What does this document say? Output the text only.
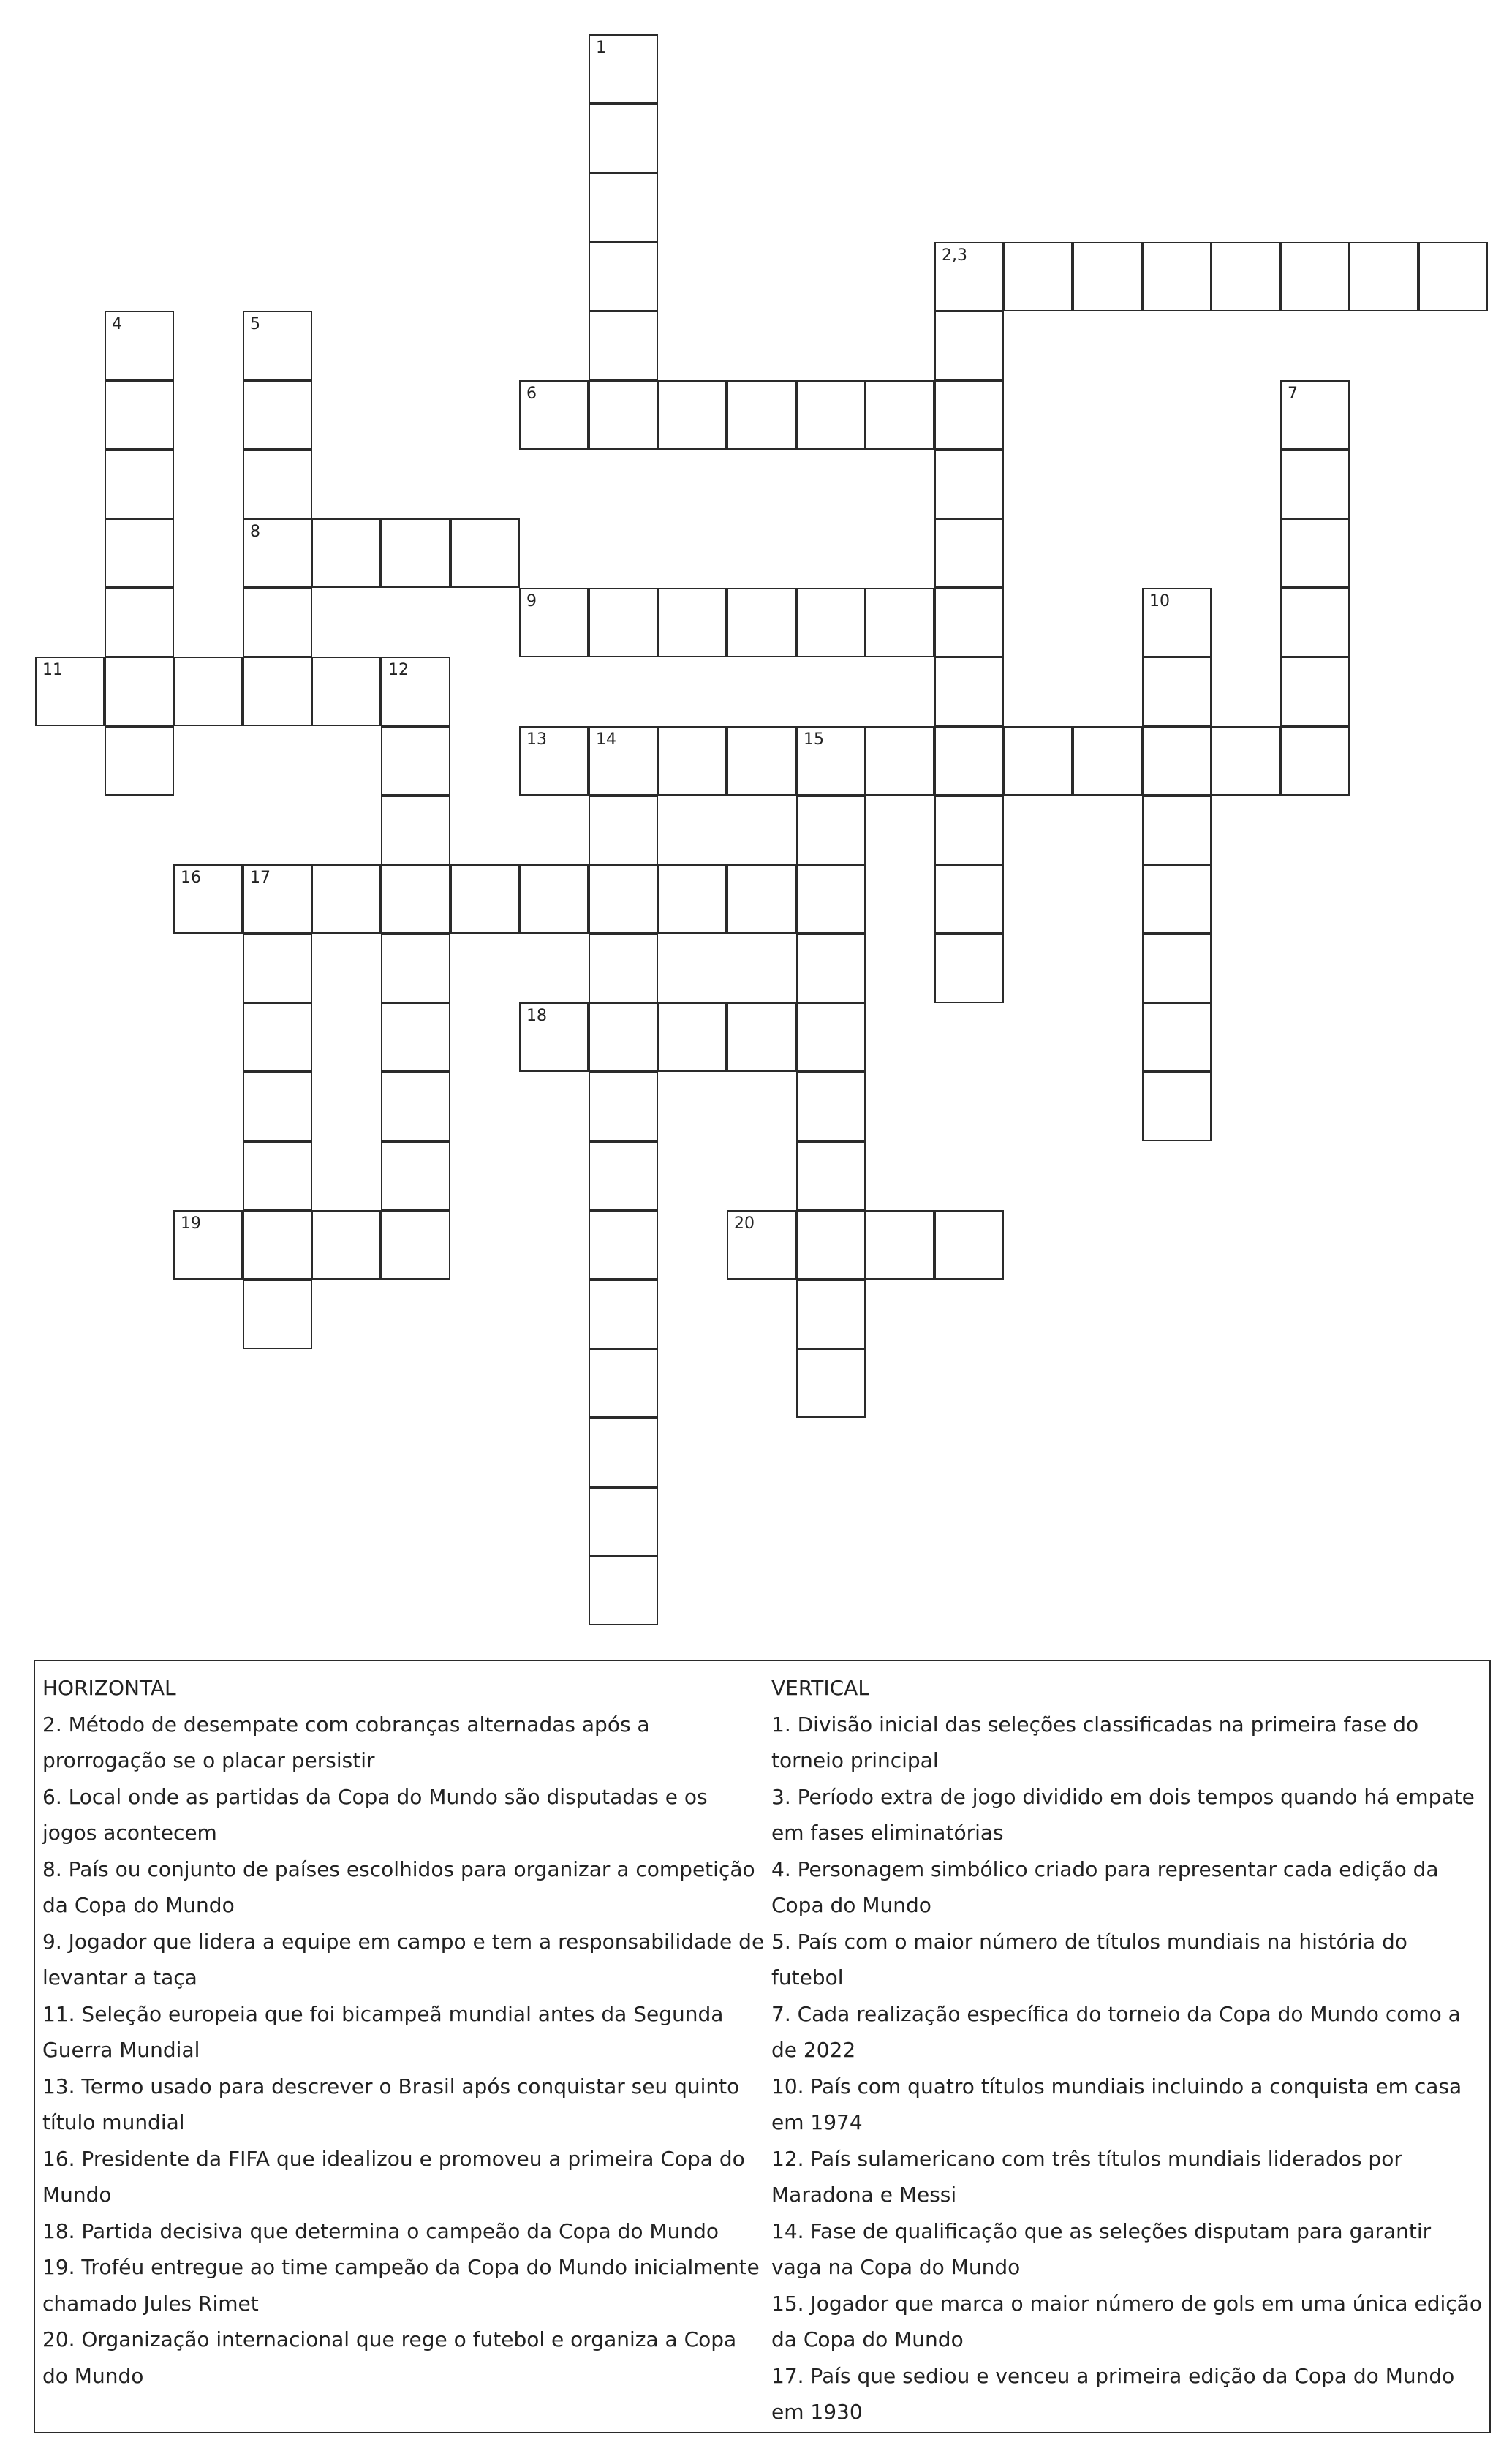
1
2,3
4	5
8
6	7
9	10
11	12
13	14	15
16	17
18
19	20
HORIZONTAL
2. Método de desempate com cobranças alternadas após a prorrogação se o placar persistir
6. Local onde as partidas da Copa do Mundo são disputadas e os jogos acontecem
8. País ou conjunto de países escolhidos para organizar a competição da Copa do Mundo
9. Jogador que lidera a equipe em campo e tem a responsabilidade de levantar a taça
11. Seleção europeia que foi bicampeã mundial antes da Segunda Guerra Mundial
13. Termo usado para descrever o Brasil após conquistar seu quinto título mundial
16. Presidente da FIFA que idealizou e promoveu a primeira Copa do Mundo
18. Partida decisiva que determina o campeão da Copa do Mundo
19. Troféu entregue ao time campeão da Copa do Mundo inicialmente chamado Jules Rimet
20. Organização internacional que rege o futebol e organiza a Copa do Mundo
VERTICAL
1. Divisão inicial das seleções classificadas na primeira fase do torneio principal
3. Período extra de jogo dividido em dois tempos quando há empate em fases eliminatórias
4. Personagem simbólico criado para representar cada edição da Copa do Mundo
5. País com o maior número de títulos mundiais na história do futebol
7. Cada realização específica do torneio da Copa do Mundo como a de 2022
10. País com quatro títulos mundiais incluindo a conquista em casa em 1974
12. País sulamericano com três títulos mundiais liderados por Maradona e Messi
14. Fase de qualificação que as seleções disputam para garantir vaga na Copa do Mundo
15. Jogador que marca o maior número de gols em uma única edição da Copa do Mundo
17. País que sediou e venceu a primeira edição da Copa do Mundo em 1930
